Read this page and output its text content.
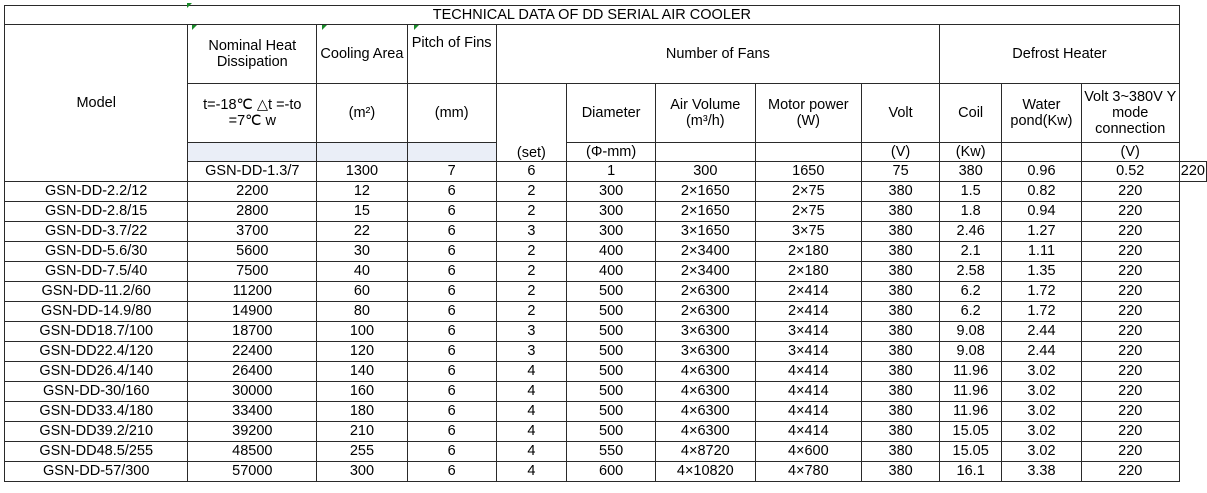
TECHNICAL DATA OF DD SERIAL AIR COOLER												
Model	Nominal Heat Dissipation	Cooling Area	Pitch of Fins	Number of Fans					Defrost Heater			
	t=-18℃ △t =-to =7℃ w	(m²)	(mm)	(set)	Diameter	Air Volume (m³/h)	Motor power (W)	Volt	Coil	Water pond(Kw)	Volt 3~380V Y mode connection	
					(Φ-mm)			(V)	(Kw)		(V)	
	GSN-DD-1.3/7	1300	7	6	1	300	1650	75	380	0.96	0.52	220
GSN-DD-2.2/12	2200	12	6	2	300	2×1650	2×75	380	1.5	0.82	220	
GSN-DD-2.8/15	2800	15	6	2	300	2×1650	2×75	380	1.8	0.94	220	
GSN-DD-3.7/22	3700	22	6	3	300	3×1650	3×75	380	2.46	1.27	220	
GSN-DD-5.6/30	5600	30	6	2	400	2×3400	2×180	380	2.1	1.11	220	
GSN-DD-7.5/40	7500	40	6	2	400	2×3400	2×180	380	2.58	1.35	220	
GSN-DD-11.2/60	11200	60	6	2	500	2×6300	2×414	380	6.2	1.72	220	
GSN-DD-14.9/80	14900	80	6	2	500	2×6300	2×414	380	6.2	1.72	220	
GSN-DD18.7/100	18700	100	6	3	500	3×6300	3×414	380	9.08	2.44	220	
GSN-DD22.4/120	22400	120	6	3	500	3×6300	3×414	380	9.08	2.44	220	
GSN-DD26.4/140	26400	140	6	4	500	4×6300	4×414	380	11.96	3.02	220	
GSN-DD-30/160	30000	160	6	4	500	4×6300	4×414	380	11.96	3.02	220	
GSN-DD33.4/180	33400	180	6	4	500	4×6300	4×414	380	11.96	3.02	220	
GSN-DD39.2/210	39200	210	6	4	500	4×6300	4×414	380	15.05	3.02	220	
GSN-DD48.5/255	48500	255	6	4	550	4×8720	4×600	380	15.05	3.02	220	
GSN-DD-57/300	57000	300	6	4	600	4×10820	4×780	380	16.1	3.38	220	
